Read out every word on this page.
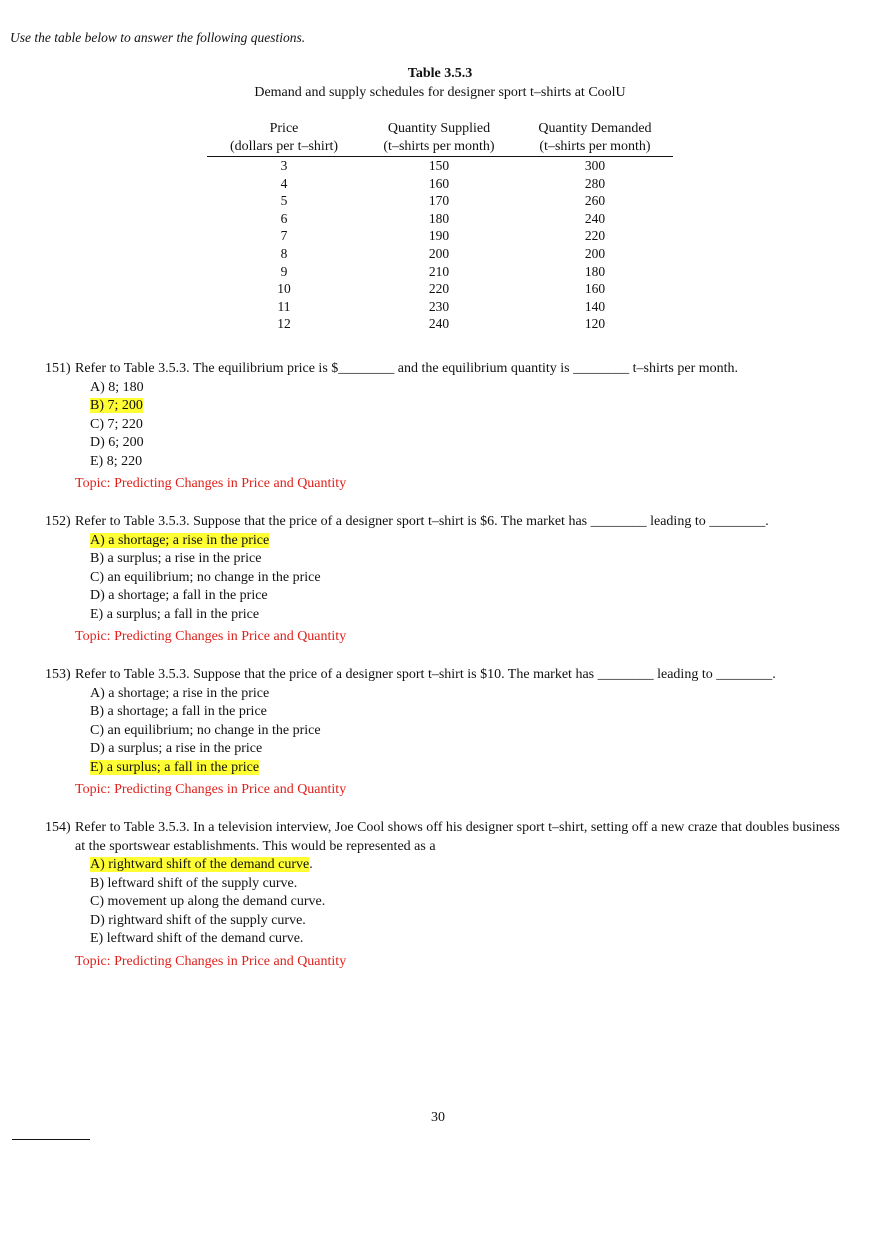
Use the table below to answer the following questions.
Table 3.5.3
Demand and supply schedules for designer sport t‒shirts at CoolU
Price	Quantity Supplied	Quantity Demanded
(dollars per t‒shirt)	(t‒shirts per month)	(t‒shirts per month)
3	150	300
4	160	280
5	170	260
6	180	240
7	190	220
8	200	200
9	210	180
10	220	160
11	230	140
12	240	120
151) Refer to Table 3.5.3. The equilibrium price is $________ and the equilibrium quantity is ________ t‒shirts per month.
A) 8; 180
B) 7; 200
C) 7; 220
D) 6; 200
E) 8; 220
Topic: Predicting Changes in Price and Quantity
152) Refer to Table 3.5.3. Suppose that the price of a designer sport t‒shirt is $6. The market has ________ leading to ________.
A) a shortage; a rise in the price
B) a surplus; a rise in the price
C) an equilibrium; no change in the price
D) a shortage; a fall in the price
E) a surplus; a fall in the price
Topic: Predicting Changes in Price and Quantity
153) Refer to Table 3.5.3. Suppose that the price of a designer sport t‒shirt is $10. The market has ________ leading to ________.
A) a shortage; a rise in the price
B) a shortage; a fall in the price
C) an equilibrium; no change in the price
D) a surplus; a rise in the price
E) a surplus; a fall in the price
Topic: Predicting Changes in Price and Quantity
154) Refer to Table 3.5.3. In a television interview, Joe Cool shows off his designer sport t‒shirt, setting off a new craze that doubles business at the sportswear establishments. This would be represented as a
A) rightward shift of the demand curve.
B) leftward shift of the supply curve.
C) movement up along the demand curve.
D) rightward shift of the supply curve.
E) leftward shift of the demand curve.
Topic: Predicting Changes in Price and Quantity
30
